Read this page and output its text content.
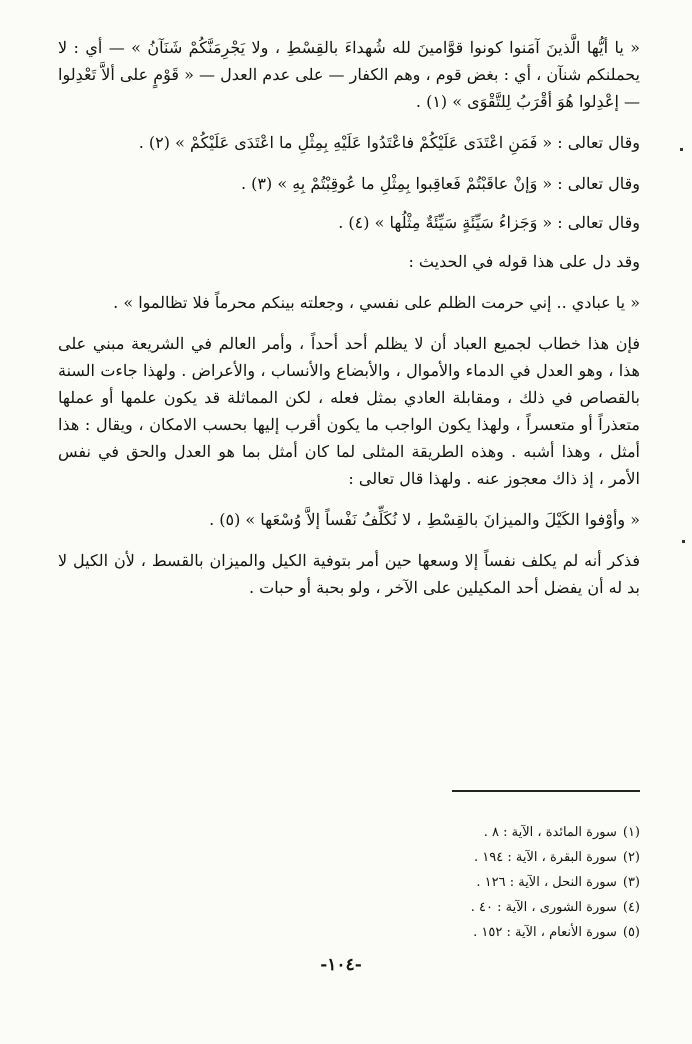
« يا أيُّها الَّذينَ آمَنوا كونوا قوَّامينَ لله شُهداءَ بالقِسْطِ ، ولا يَجْرِمَنَّكُمْ شَنَآنُ » — أي : لا يحملنكم شنآن ، أي : بغض قوم ، وهم الكفار — على عدم العدل — « قَوْمٍ على ألاَّ تَعْدِلوا — إعْدِلوا هُوَ أقْرَبُ لِلتَّقْوَى » (١) .

وقال تعالى : « فَمَنِ اعْتَدَى عَلَيْكُمْ فاعْتَدُوا عَلَيْهِ بِمِثْلِ ما اعْتَدَى عَلَيْكُمْ » (٢) .

وقال تعالى : « وَإنْ عاقَبْتُمْ فَعاقِبوا بِمِثْلِ ما عُوقِبْتُمْ بِهِ » (٣) .

وقال تعالى : « وَجَزاءُ سَيِّئَةٍ سَيِّئَةٌ مِثْلُها » (٤) .

وقد دل على هذا قوله في الحديث :

« يا عبادي .. إني حرمت الظلم على نفسي ، وجعلته بينكم محرماً فلا تظالموا » .

فإن هذا خطاب لجميع العباد أن لا يظلم أحد أحداً ، وأمر العالم في الشريعة مبني على هذا ، وهو العدل في الدماء والأموال ، والأبضاع والأنساب ، والأعراض . ولهذا جاءت السنة بالقصاص في ذلك ، ومقابلة العادي بمثل فعله ، لكن المماثلة قد يكون علمها أو عملها متعذراً أو متعسراً ، ولهذا يكون الواجب ما يكون أقرب إليها بحسب الامكان ، ويقال : هذا أمثل ، وهذا أشبه . وهذه الطريقة المثلى لما كان أمثل بما هو العدل والحق في نفس الأمر ، إذ ذاك معجوز عنه . ولهذا قال تعالى :

« وأوْفوا الكَيْلَ والميزانَ بالقِسْطِ ، لا نُكَلِّفُ نَفْساً إلاَّ وُسْعَها » (٥) .

فذكر أنه لم يكلف نفساً إلا وسعها حين أمر بتوفية الكيل والميزان بالقسط ، لأن الكيل لا بد له أن يفضل أحد المكيلين على الآخر ، ولو بحبة أو حبات .

(١)سورة المائدة ، الآية : ٨ .
(٢)سورة البقرة ، الآية : ١٩٤ .
(٣)سورة النحل ، الآية : ١٢٦ .
(٤)سورة الشورى ، الآية : ٤٠ .
(٥)سورة الأنعام ، الآية : ١٥٢ .
-١٠٤-
